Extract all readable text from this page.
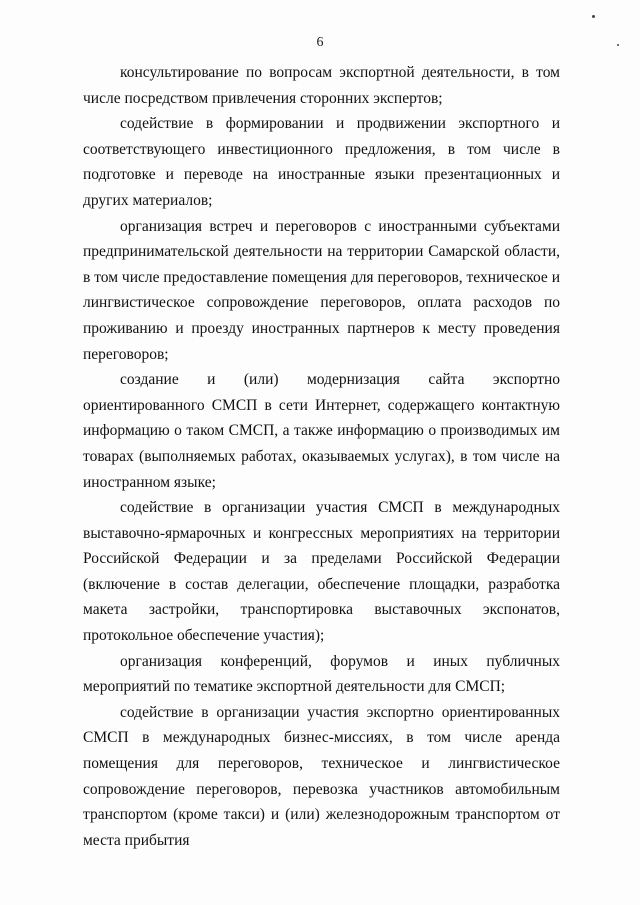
6

консультирование по вопросам экспортной деятельности, в том числе посредством привлечения сторонних экспертов;

содействие в формировании и продвижении экспортного и соответствующего инвестиционного предложения, в том числе в подготовке и переводе на иностранные языки презентационных и других материалов;

организация встреч и переговоров с иностранными субъектами предпринимательской деятельности на территории Самарской области, в том числе предоставление помещения для переговоров, техническое и лингвистическое сопровождение переговоров, оплата расходов по проживанию и проезду иностранных партнеров к месту проведения переговоров;

создание и (или) модернизация сайта экспортно ориентированного СМСП в сети Интернет, содержащего контактную информацию о таком СМСП, а также информацию о производимых им товарах (выполняемых работах, оказываемых услугах), в том числе на иностранном языке;

содействие в организации участия СМСП в международных выставочно-ярмарочных и конгрессных мероприятиях на территории Российской Федерации и за пределами Российской Федерации (включение в состав делегации, обеспечение площадки, разработка макета застройки, транспортировка выставочных экспонатов, протокольное обеспечение участия);

организация конференций, форумов и иных публичных мероприятий по тематике экспортной деятельности для СМСП;

содействие в организации участия экспортно ориентированных СМСП в международных бизнес-миссиях, в том числе аренда помещения для переговоров, техническое и лингвистическое сопровождение переговоров, перевозка участников автомобильным транспортом (кроме такси) и (или) железнодорожным транспортом от места прибытия
